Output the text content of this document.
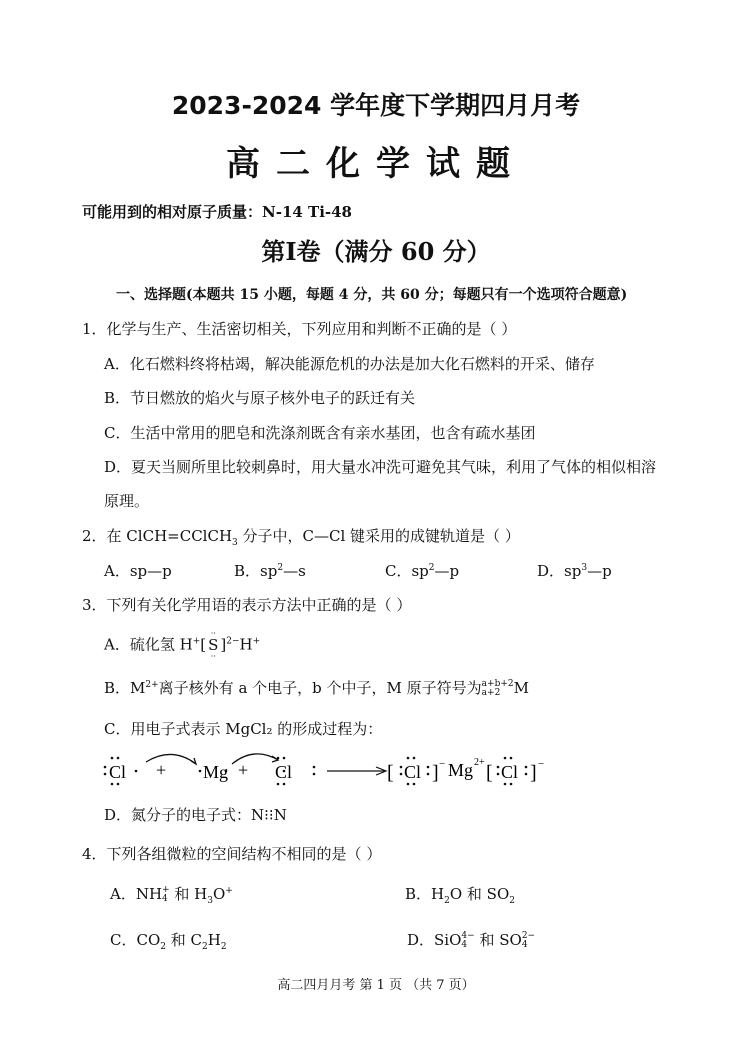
2023-2024 学年度下学期四月月考
高二化学试题
可能用到的相对原子质量：N-14 Ti-48
第Ⅰ卷（满分 60 分）
一、选择题(本题共 15 小题，每题 4 分，共 60 分；每题只有一个选项符合题意)
1．化学与生产、生活密切相关，下列应用和判断不正确的是（ ）
A．化石燃料终将枯竭，解决能源危机的办法是加大化石燃料的开采、储存
B．节日燃放的焰火与原子核外电子的跃迁有关
C．生活中常用的肥皂和洗涤剂既含有亲水基团，也含有疏水基团
D．夏天当厕所里比较刺鼻时，用大量水冲洗可避免其气味，利用了气体的相似相溶
原理。
2．在 ClCH=CClCH$_3$ 分子中，C—Cl 键采用的成键轨道是（ ）
A．sp—p	B．$sp^2—s$	C．$sp^2—p$	D．$sp^3—p$
3．下列有关化学用语的表示方法中正确的是（ ）
A．硫化氢 H+[··
S
··]$^{2-}$H+
B．$M^{2+}$离子核外有 a 个电子，b 个中子，M 原子符号为a+b+2
a+2 M
C．用电子式表示 MgCl₂ 的形成过程为：
Cl + Mg + Cl	[ Cl ] − Mg 2+ [ Cl ] −
D．氮分子的电子式：N⁝⁝N
4．下列各组微粒的空间结构不相同的是（ ）
A．NH+
4 和 $H_3O^+$	B．$H_2O$ 和 $SO_2$
C．$CO_2$ 和 $C_2H_2$	D．SiO4−
4 和 SO2−
4
高二四月月考 第 1 页 （共 7 页）
